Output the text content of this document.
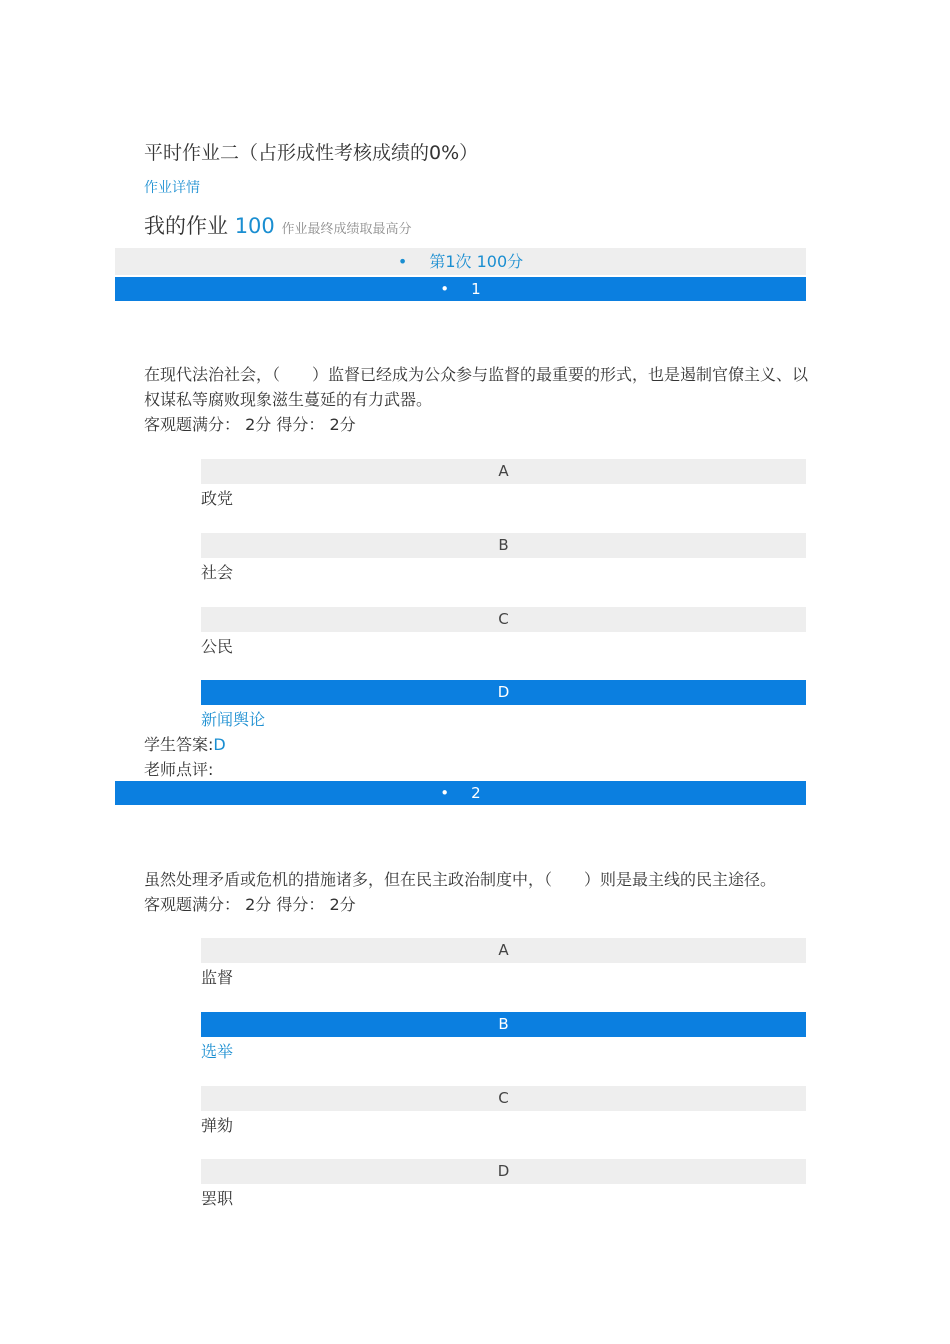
平时作业二（占形成性考核成绩的0%）
作业详情
我的作业 100 作业最终成绩取最高分
• 第1次 100分
• 1
在现代法治社会，（　　）监督已经成为公众参与监督的最重要的形式，也是遏制官僚主义、以权谋私等腐败现象滋生蔓延的有力武器。
客观题满分： 2分 得分： 2分
A
政党
B
社会
C
公民
D
新闻舆论
学生答案:D
老师点评:
• 2
虽然处理矛盾或危机的措施诸多，但在民主政治制度中，（　　）则是最主线的民主途径。
客观题满分： 2分 得分： 2分
A
监督
B
选举
C
弹劾
D
罢职
